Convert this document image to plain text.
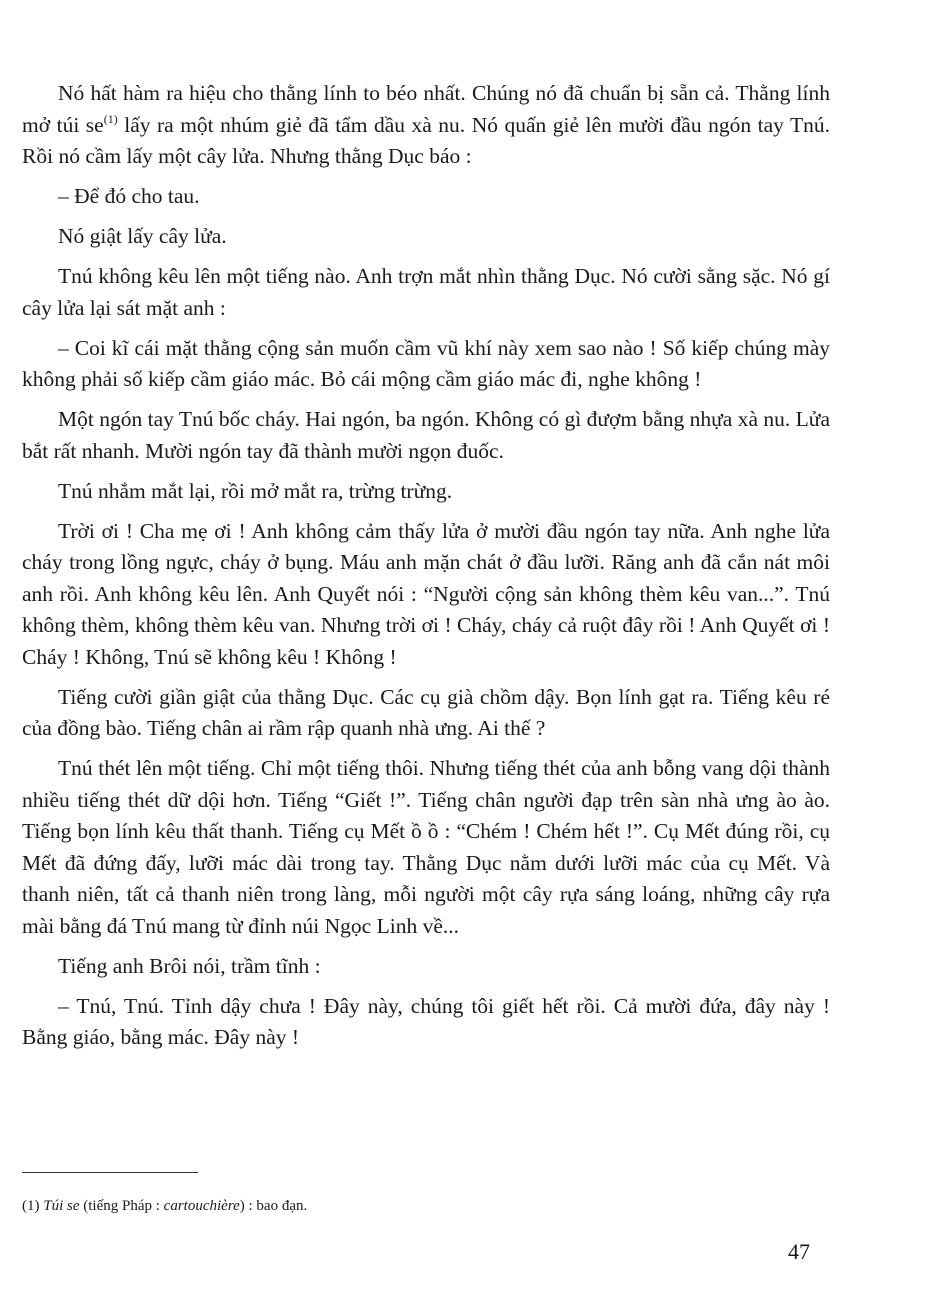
Nó hất hàm ra hiệu cho thằng lính to béo nhất. Chúng nó đã chuẩn bị sẵn cả. Thằng lính mở túi $se^{(1)}$ lấy ra một nhúm giẻ đã tẩm dầu xà nu. Nó quấn giẻ lên mười đầu ngón tay Tnú. Rồi nó cầm lấy một cây lửa. Nhưng thằng Dục báo :

– Để đó cho tau.

Nó giật lấy cây lửa.

Tnú không kêu lên một tiếng nào. Anh trợn mắt nhìn thằng Dục. Nó cười sằng sặc. Nó gí cây lửa lại sát mặt anh :

– Coi kĩ cái mặt thằng cộng sản muốn cầm vũ khí này xem sao nào ! Số kiếp chúng mày không phải số kiếp cầm giáo mác. Bỏ cái mộng cầm giáo mác đi, nghe không !

Một ngón tay Tnú bốc cháy. Hai ngón, ba ngón. Không có gì đượm bằng nhựa xà nu. Lửa bắt rất nhanh. Mười ngón tay đã thành mười ngọn đuốc.

Tnú nhắm mắt lại, rồi mở mắt ra, trừng trừng.

Trời ơi ! Cha mẹ ơi ! Anh không cảm thấy lửa ở mười đầu ngón tay nữa. Anh nghe lửa cháy trong lồng ngực, cháy ở bụng. Máu anh mặn chát ở đầu lưỡi. Răng anh đã cắn nát môi anh rồi. Anh không kêu lên. Anh Quyết nói : “Người cộng sản không thèm kêu van...”. Tnú không thèm, không thèm kêu van. Nhưng trời ơi ! Cháy, cháy cả ruột đây rồi ! Anh Quyết ơi ! Cháy ! Không, Tnú sẽ không kêu ! Không !

Tiếng cười giần giật của thằng Dục. Các cụ già chồm dậy. Bọn lính gạt ra. Tiếng kêu ré của đồng bào. Tiếng chân ai rầm rập quanh nhà ưng. Ai thế ?

Tnú thét lên một tiếng. Chỉ một tiếng thôi. Nhưng tiếng thét của anh bỗng vang dội thành nhiều tiếng thét dữ dội hơn. Tiếng “Giết !”. Tiếng chân người đạp trên sàn nhà ưng ào ào. Tiếng bọn lính kêu thất thanh. Tiếng cụ Mết ồ ồ : “Chém ! Chém hết !”. Cụ Mết đúng rồi, cụ Mết đã đứng đấy, lưỡi mác dài trong tay. Thằng Dục nằm dưới lưỡi mác của cụ Mết. Và thanh niên, tất cả thanh niên trong làng, mỗi người một cây rựa sáng loáng, những cây rựa mài bằng đá Tnú mang từ đỉnh núi Ngọc Linh về...

Tiếng anh Brôi nói, trầm tĩnh :

– Tnú, Tnú. Tỉnh dậy chưa ! Đây này, chúng tôi giết hết rồi. Cả mười đứa, đây này ! Bằng giáo, bằng mác. Đây này !

(1) Túi se (tiếng Pháp : cartouchière) : bao đạn.
47
